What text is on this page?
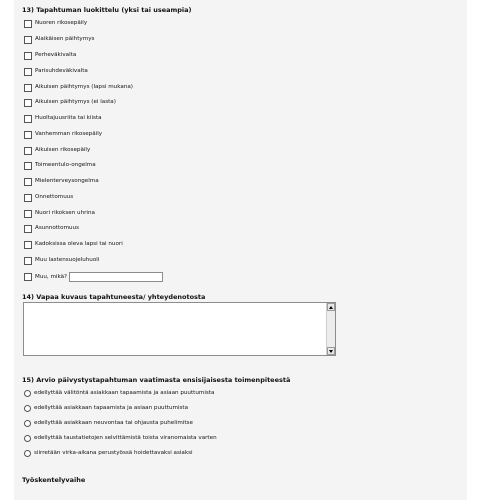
13) Tapahtuman luokittelu (yksi tai useampia)
Nuoren rikosepäily
Alaikäisen päihtymys
Perheväkivalta
Parisuhdeväkivalta
Aikuisen päihtymys (lapsi mukana)
Aikuisen päihtymys (ei lasta)
Huoltajuusriita tai kiista
Vanhemman rikosepäily
Aikuisen rikosepäily
Toimeentulo-ongelma
Mielenterveysongelma
Onnettomuus
Nuori rikoksen uhrina
Asunnottomuus
Kadoksissa oleva lapsi tai nuori
Muu lastensuojeluhuoli
Muu, mikä?
14) Vapaa kuvaus tapahtuneesta/ yhteydenotosta
15) Arvio päivystystapahtuman vaatimasta ensisijaisesta toimenpiteestä
edellyttää välitöntä asiakkaan tapaamista ja asiaan puuttumista
edellyttää asiakkaan tapaamista ja asiaan puuttumista
edellyttää asiakkaan neuvontaa tai ohjausta puhelimitse
edellyttää taustatietojen selvittämistä toista viranomaista varten
siirretään virka-aikana perustyössä hoidettavaksi asiaksi
Työskentelyvaihe
